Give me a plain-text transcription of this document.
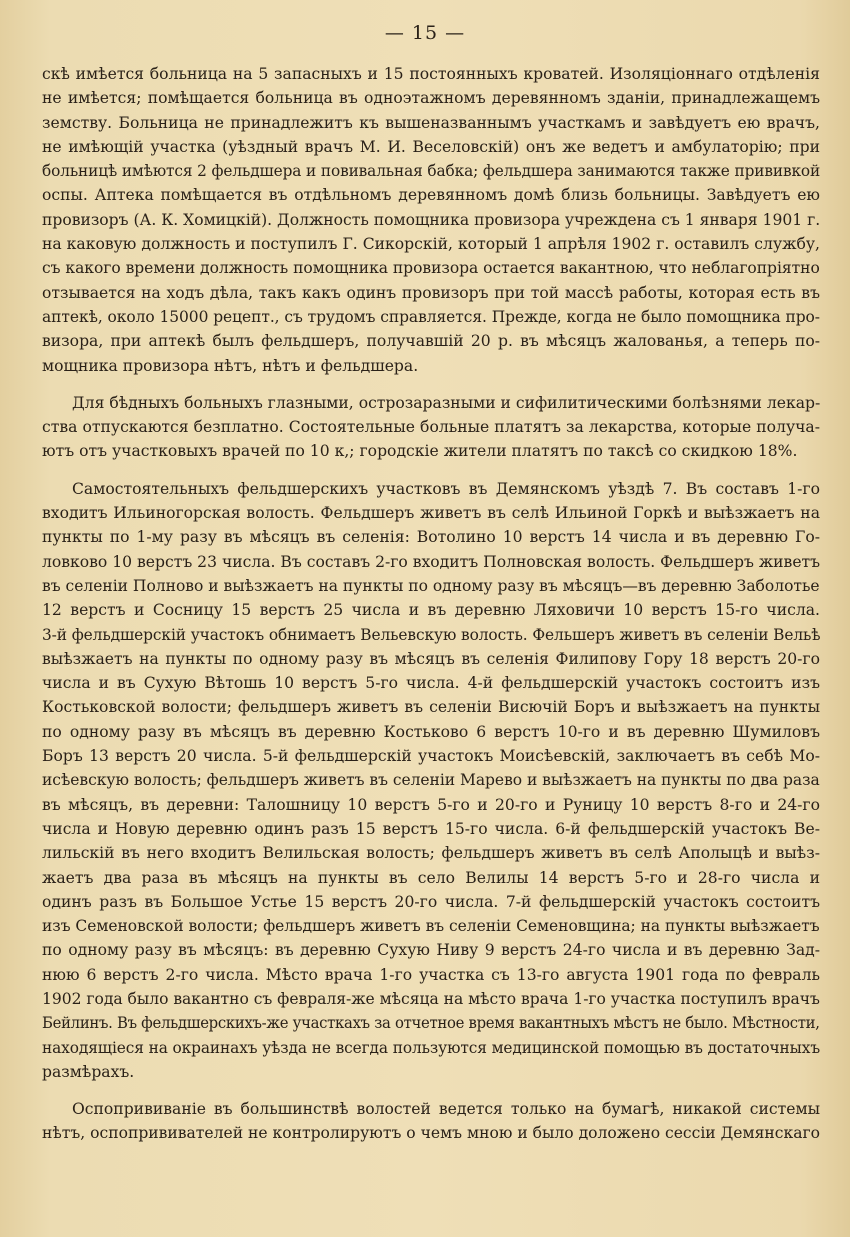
— 15 —
скѣ имѣется больница на 5 запасныхъ и 15 постоянныхъ кроватей. Изоляціоннаго отдѣленія
не имѣется; помѣщается больница въ одноэтажномъ деревянномъ зданіи, принадлежащемъ
земству. Больница не принадлежитъ къ вышеназваннымъ участкамъ и завѣдуетъ ею врачъ,
не имѣющій участка (уѣздный врачъ М. И. Веселовскій) онъ же ведетъ и амбулаторію; при
больницѣ имѣются 2 фельдшера и повивальная бабка; фельдшера занимаются также прививкой
оспы. Аптека помѣщается въ отдѣльномъ деревянномъ домѣ близь больницы. Завѣдуетъ ею
провизоръ (А. К. Хомицкій). Должность помощника провизора учреждена съ 1 января 1901 г.
на каковую должность и поступилъ Г. Сикорскій, который 1 апрѣля 1902 г. оставилъ службу,
съ какого времени должность помощника провизора остается вакантною, что неблагопріятно
отзывается на ходъ дѣла, такъ какъ одинъ провизоръ при той массѣ работы, которая есть въ
аптекѣ, около 15000 рецепт., съ трудомъ справляется. Прежде, когда не было помощника про-
визора, при аптекѣ былъ фельдшеръ, получавшій 20 р. въ мѣсяцъ жалованья, а теперь по-
мощника провизора нѣтъ, нѣтъ и фельдшера.
Для бѣдныхъ больныхъ глазными, острозаразными и сифилитическими болѣзнями лекар-
ства отпускаются безплатно. Состоятельные больные платятъ за лекарства, которые получа-
ютъ отъ участковыхъ врачей по 10 к,; городскіе жители платятъ по таксѣ со скидкою 18%.
Самостоятельныхъ фельдшерскихъ участковъ въ Демянскомъ уѣздѣ 7. Въ составъ 1-го
входитъ Ильиногорская волость. Фельдшеръ живетъ въ селѣ Ильиной Горкѣ и выѣзжаетъ на
пункты по 1-му разу въ мѣсяцъ въ селенія: Вотолино 10 верстъ 14 числа и въ деревню Го-
ловково 10 верстъ 23 числа. Въ составъ 2-го входитъ Полновская волость. Фельдшеръ живетъ
въ селеніи Полново и выѣзжаетъ на пункты по одному разу въ мѣсяцъ—въ деревню Заболотье
12 верстъ и Сосницу 15 верстъ 25 числа и въ деревню Ляховичи 10 верстъ 15-го числа.
3-й фельдшерскій участокъ обнимаетъ Вельевскую волость. Фельшеръ живетъ въ селеніи Вельѣ
выѣзжаетъ на пункты по одному разу въ мѣсяцъ въ селенія Филипову Гору 18 верстъ 20-го
числа и въ Сухую Вѣтошь 10 верстъ 5-го числа. 4-й фельдшерскій участокъ состоитъ изъ
Костьковской волости; фельдшеръ живетъ въ селеніи Висючій Боръ и выѣзжаетъ на пункты
по одному разу въ мѣсяцъ въ деревню Костьково 6 верстъ 10-го и въ деревню Шумиловъ
Боръ 13 верстъ 20 числа. 5-й фельдшерскій участокъ Моисѣевскій, заключаетъ въ себѣ Мо-
исѣевскую волость; фельдшеръ живетъ въ селеніи Марево и выѣзжаетъ на пункты по два раза
въ мѣсяцъ, въ деревни: Талошницу 10 верстъ 5-го и 20-го и Руницу 10 верстъ 8-го и 24-го
числа и Новую деревню одинъ разъ 15 верстъ 15-го числа. 6-й фельдшерскій участокъ Ве-
лильскій въ него входитъ Велильская волость; фельдшеръ живетъ въ селѣ Аполыцѣ и выѣз-
жаетъ два раза въ мѣсяцъ на пункты въ село Велилы 14 верстъ 5-го и 28-го числа и
одинъ разъ въ Большое Устье 15 верстъ 20-го числа. 7-й фельдшерскій участокъ состоитъ
изъ Семеновской волости; фельдшеръ живетъ въ селеніи Семеновщина; на пункты выѣзжаетъ
по одному разу въ мѣсяцъ: въ деревню Сухую Ниву 9 верстъ 24-го числа и въ деревню Зад-
нюю 6 верстъ 2-го числа. Мѣсто врача 1-го участка съ 13-го августа 1901 года по февраль
1902 года было вакантно съ февраля-же мѣсяца на мѣсто врача 1-го участка поступилъ врачъ
Бейлинъ. Въ фельдшерскихъ-же участкахъ за отчетное время вакантныхъ мѣстъ не было. Мѣстности,
находящіеся на окраинахъ уѣзда не всегда пользуются медицинской помощью въ достаточныхъ
размѣрахъ.
Оспопрививаніе въ большинствѣ волостей ведется только на бумагѣ, никакой системы
нѣтъ, оспопрививателей не контролируютъ о чемъ мною и было доложено сессіи Демянскаго
